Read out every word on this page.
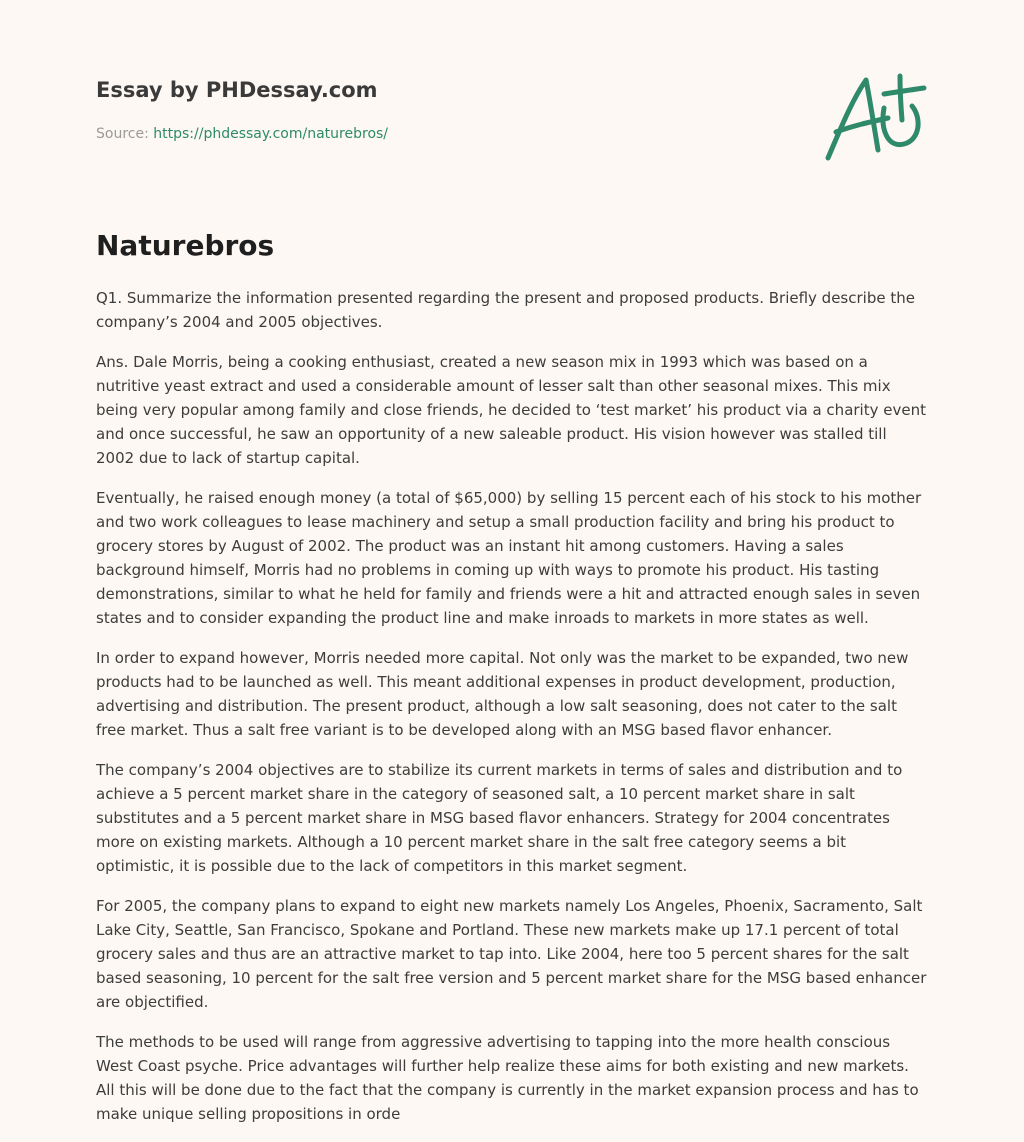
Essay by PHDessay.com
Source: https://phdessay.com/naturebros/
Naturebros

Q1. Summarize the information presented regarding the present and proposed products. Briefly describe the company’s 2004 and 2005 objectives.

Ans. Dale Morris, being a cooking enthusiast, created a new season mix in 1993 which was based on a nutritive yeast extract and used a considerable amount of lesser salt than other seasonal mixes. This mix being very popular among family and close friends, he decided to ‘test market’ his product via a charity event and once successful, he saw an opportunity of a new saleable product. His vision however was stalled till 2002 due to lack of startup capital.

Eventually, he raised enough money (a total of $65,000) by selling 15 percent each of his stock to his mother and two work colleagues to lease machinery and setup a small production facility and bring his product to grocery stores by August of 2002. The product was an instant hit among customers. Having a sales background himself, Morris had no problems in coming up with ways to promote his product. His tasting demonstrations, similar to what he held for family and friends were a hit and attracted enough sales in seven states and to consider expanding the product line and make inroads to markets in more states as well.

In order to expand however, Morris needed more capital. Not only was the market to be expanded, two new products had to be launched as well. This meant additional expenses in product development, production, advertising and distribution. The present product, although a low salt seasoning, does not cater to the salt free market. Thus a salt free variant is to be developed along with an MSG based flavor enhancer.

The company’s 2004 objectives are to stabilize its current markets in terms of sales and distribution and to achieve a 5 percent market share in the category of seasoned salt, a 10 percent market share in salt substitutes and a 5 percent market share in MSG based flavor enhancers. Strategy for 2004 concentrates more on existing markets. Although a 10 percent market share in the salt free category seems a bit optimistic, it is possible due to the lack of competitors in this market segment.

For 2005, the company plans to expand to eight new markets namely Los Angeles, Phoenix, Sacramento, Salt Lake City, Seattle, San Francisco, Spokane and Portland. These new markets make up 17.1 percent of total grocery sales and thus are an attractive market to tap into. Like 2004, here too 5 percent shares for the salt based seasoning, 10 percent for the salt free version and 5 percent market share for the MSG based enhancer are objectified.

The methods to be used will range from aggressive advertising to tapping into the more health conscious West Coast psyche. Price advantages will further help realize these aims for both existing and new markets. All this will be done due to the fact that the company is currently in the market expansion process and has to make unique selling propositions in orde
